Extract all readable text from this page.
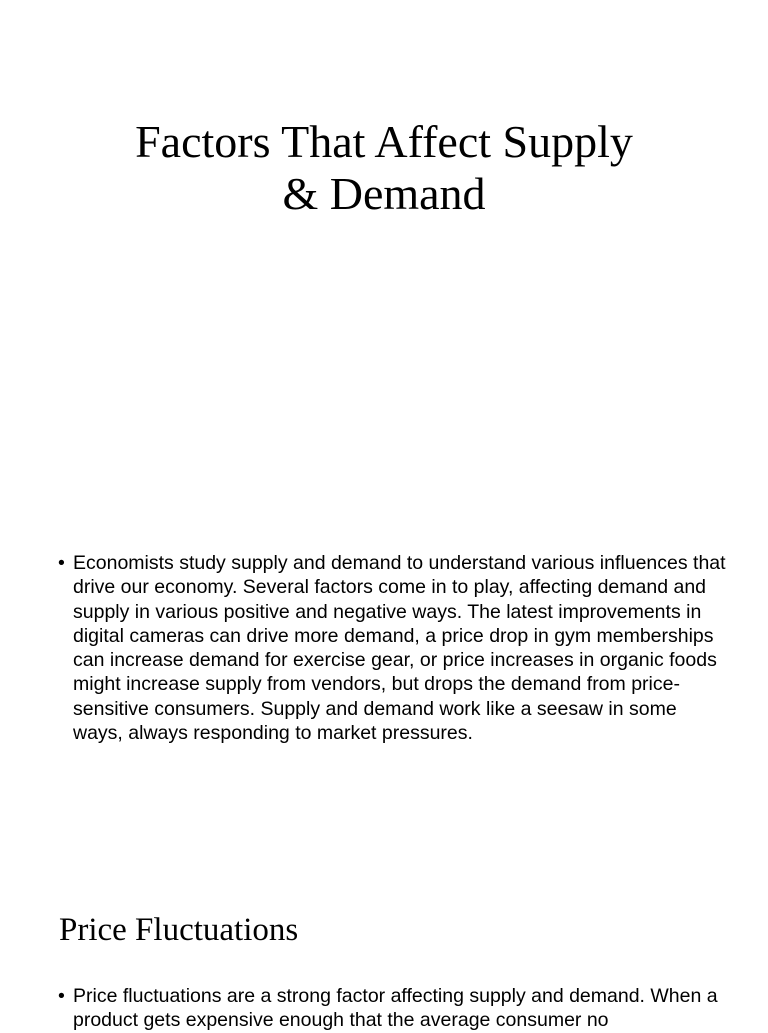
Factors That Affect Supply
& Demand
• Economists study supply and demand to understand various influences that drive our economy. Several factors come in to play, affecting demand and supply in various positive and negative ways. The latest improvements in digital cameras can drive more demand, a price drop in gym memberships can increase demand for exercise gear, or price increases in organic foods might increase supply from vendors, but drops the demand from price-sensitive consumers. Supply and demand work like a seesaw in some ways, always responding to market pressures.

Price Fluctuations
• Price fluctuations are a strong factor affecting supply and demand. When a product gets expensive enough that the average consumer no
